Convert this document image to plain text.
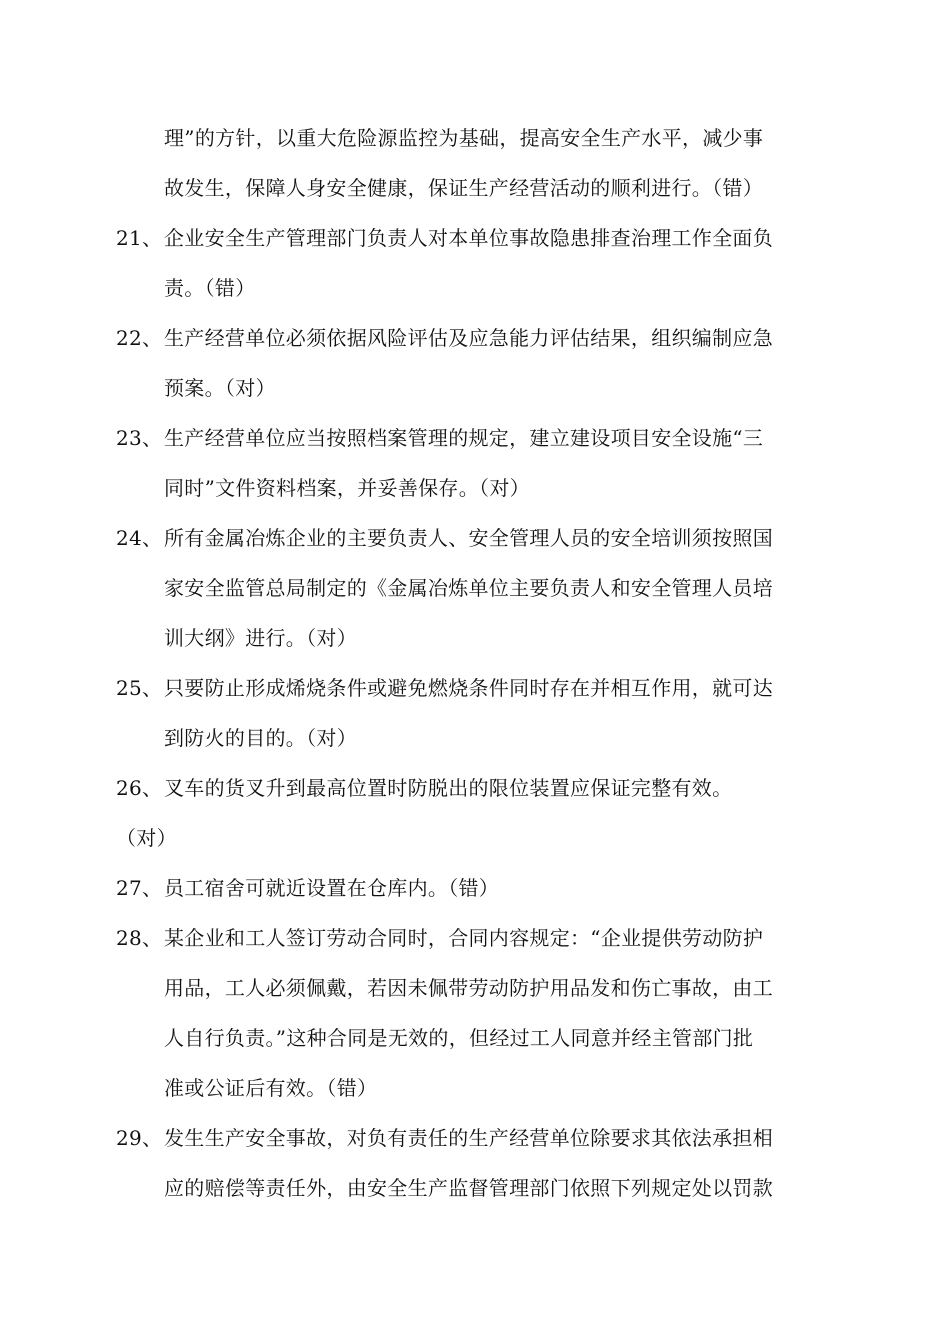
理”的方针，以重大危险源监控为基础，提高安全生产水平，减少事
故发生，保障人身安全健康，保证生产经营活动的顺利进行。（错）
21、企业安全生产管理部门负责人对本单位事故隐患排查治理工作全面负
责。（错）
22、生产经营单位必须依据风险评估及应急能力评估结果，组织编制应急
预案。（对）
23、生产经营单位应当按照档案管理的规定，建立建设项目安全设施“三
同时”文件资料档案，并妥善保存。（对）
24、所有金属冶炼企业的主要负责人、安全管理人员的安全培训须按照国
家安全监管总局制定的《金属冶炼单位主要负责人和安全管理人员培
训大纲》进行。（对）
25、只要防止形成烯烧条件或避免燃烧条件同时存在并相互作用，就可达
到防火的目的。（对）
26、叉车的货叉升到最高位置时防脱出的限位装置应保证完整有效。
（对）
27、员工宿舍可就近设置在仓库内。（错）
28、某企业和工人签订劳动合同时，合同内容规定：“企业提供劳动防护
用品，工人必须佩戴，若因未佩带劳动防护用品发和伤亡事故，由工
人自行负责。”这种合同是无效的，但经过工人同意并经主管部门批
准或公证后有效。（错）
29、发生生产安全事故，对负有责任的生产经营单位除要求其依法承担相
应的赔偿等责任外，由安全生产监督管理部门依照下列规定处以罚款
